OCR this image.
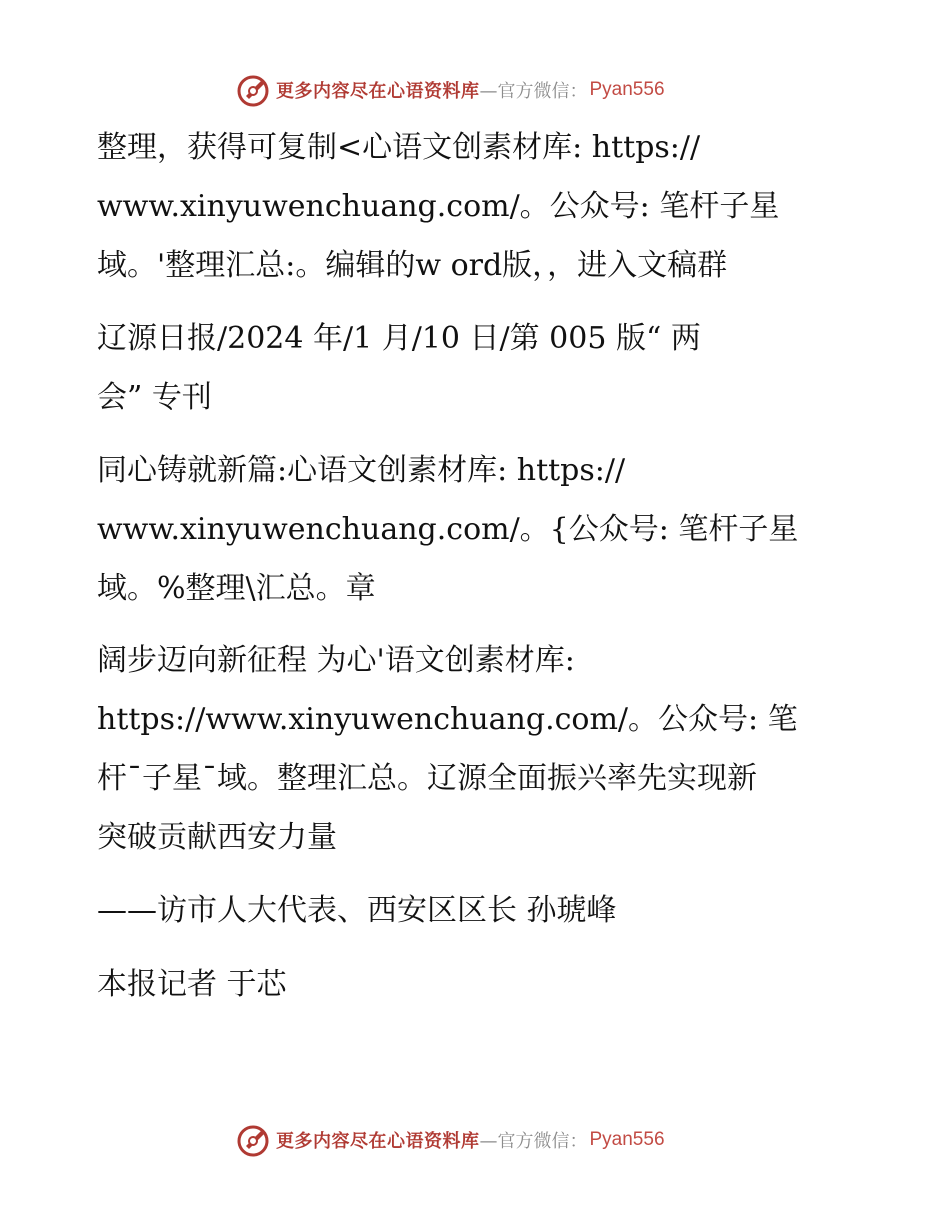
更多内容尽在心语资料库 —官方微信： Pyan556
整理，获得可复制<心语文创素材库: https://
www.xinyuwenchuang.com/。公众号: 笔杆子星
域。'整理汇总:。编辑的w ord版，，进入文稿群
辽源日报/2024 年/1 月/10 日/第 005 版“ 两
会” 专刊
同心铸就新篇:心语文创素材库: https://
www.xinyuwenchuang.com/。{公众号: 笔杆子星
域。%整理\汇总。章
阔步迈向新征程 为心'语文创素材库:
https://www.xinyuwenchuang.com/。公众号: 笔
杆¯子星¯域。整理汇总。辽源全面振兴率先实现新
突破贡献西安力量
——访市人大代表、西安区区长 孙琥峰
本报记者 于芯
更多内容尽在心语资料库 —官方微信： Pyan556
